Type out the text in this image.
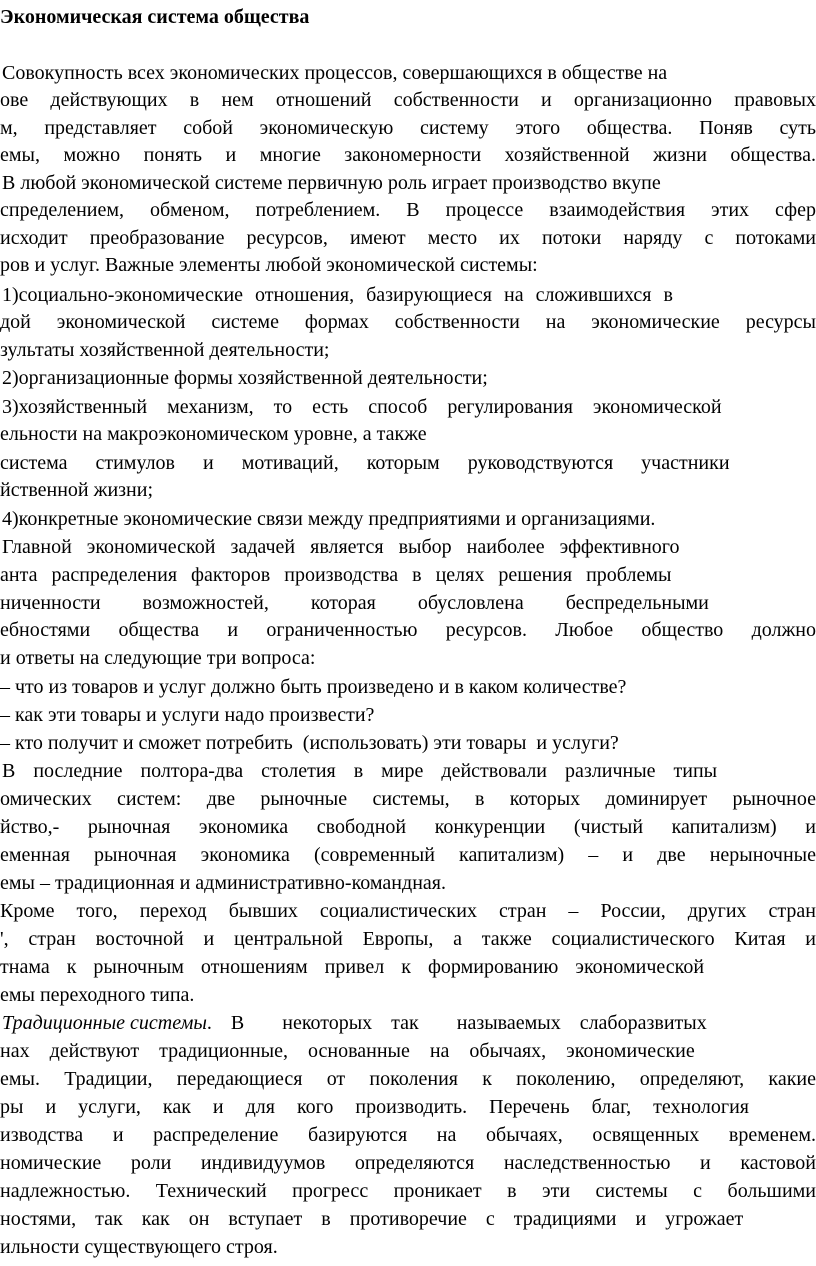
Экономическая система общества
Совокупность всех экономических процессов, совершающихся в обществе на
ове действующих в нем отношений собственности и организационно правовых
м, представляет собой экономическую систему этого общества. Поняв суть
емы, можно понять и многие закономерности хозяйственной жизни общества.
В любой экономической системе первичную роль играет производство вкупе
спределением, обменом, потреблением. В процессе взаимодействия этих сфер
исходит преобразование ресурсов, имеют место их потоки наряду с потоками
ров и услуг. Важные элементы любой экономической системы:
1)социально-экономические отношения, базирующиеся на сложившихся в
дой экономической системе формах собственности на экономические ресурсы
зультаты хозяйственной деятельности;
2)организационные формы хозяйственной деятельности;
3)хозяйственный механизм, то есть способ регулирования экономической
ельности на макроэкономическом уровне, а также
система стимулов и мотиваций, которым руководствуются участники
йственной жизни;
4)конкретные экономические связи между предприятиями и организациями.
Главной экономической задачей является выбор наиболее эффективного
анта распределения факторов производства в целях решения проблемы
ниченности возможностей, которая обусловлена беспредельными
ебностями общества и ограниченностью ресурсов. Любое общество должно
и ответы на следующие три вопроса:
– что из товаров и услуг должно быть произведено и в каком количестве?
– как эти товары и услуги надо произвести?
– кто получит и сможет потребить  (использовать) эти товары  и услуги?
В последние полтора-два столетия в мире действовали различные типы
омических систем: две рыночные системы, в которых доминирует рыночное
йство,- рыночная экономика свободной конкуренции (чистый капитализм) и
еменная рыночная экономика (современный капитализм) – и две нерыночные
емы – традиционная и административно-командная.
Кроме того, переход бывших социалистических стран – России, других стран
', стран восточной и центральной Европы, а также социалистического Китая и
тнама к рыночным отношениям привел к формированию экономической
емы переходного типа.
Традиционные системы. В  некоторых так  называемых слаборазвитых
нах действуют традиционные, основанные на обычаях, экономические
емы. Традиции, передающиеся от поколения к поколению, определяют, какие
ры и услуги, как и для кого производить. Перечень благ, технология
изводства и распределение базируются на обычаях, освященных временем.
номические роли индивидуумов определяются наследственностью и кастовой
надлежностью. Технический прогресс проникает в эти системы с большими
ностями, так как он вступает в противоречие с традициями и угрожает
ильности существующего строя.
